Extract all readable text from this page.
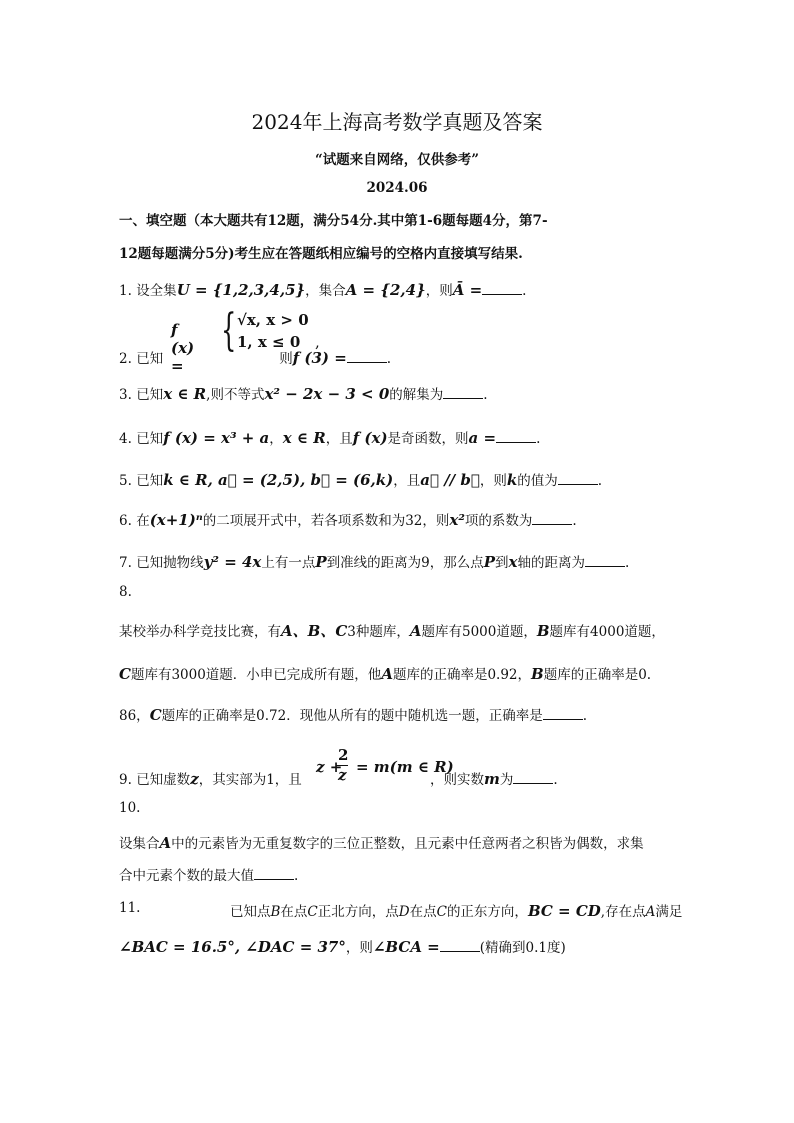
2024年上海高考数学真题及答案
“试题来自网络，仅供参考”
2024.06
一、填空题（本大题共有12题，满分54分.其中第1-6题每题4分，第7-
12题每题满分5分)考生应在答题纸相应编号的空格内直接填写结果.
1. 设全集U = {1,2,3,4,5}，集合A = {2,4}，则Ā =	.
f (x) =
{ √x, x > 0
1, x ≤ 0 ,
2. 已知	则f (3) =	.
3. 已知x ∈ R,则不等式x² − 2x − 3 < 0的解集为	.
4. 已知f (x) = x³ + a，x ∈ R，且f (x)是奇函数，则a =	.
5. 已知k ∈ R, a⃗ = (2,5), b⃗ = (6,k)，且a⃗ // b⃗，则k的值为	.
6. 在(x+1)ⁿ的二项展开式中，若各项系数和为32，则x²项的系数为	.
7. 已知抛物线y² = 4x上有一点P到准线的距离为9，那么点P到x轴的距离为	.
8.
某校举办科学竞技比赛，有A、B、C3种题库，A题库有5000道题，B题库有4000道题，
C题库有3000道题．小申已完成所有题，他A题库的正确率是0.92，B题库的正确率是0.
86，C题库的正确率是0.72．现他从所有的题中随机选一题，正确率是	.
9. 已知虚数z，其实部为1，且
z +
2
z = m(m ∈ R)
，则实数m为	.
10.
设集合A中的元素皆为无重复数字的三位正整数，且元素中任意两者之积皆为偶数，求集
合中元素个数的最大值	.
11.	已知点B在点C正北方向，点D在点C的正东方向，BC = CD,存在点A满足
∠BAC = 16.5°, ∠DAC = 37°，则∠BCA =	(精确到0.1度)
